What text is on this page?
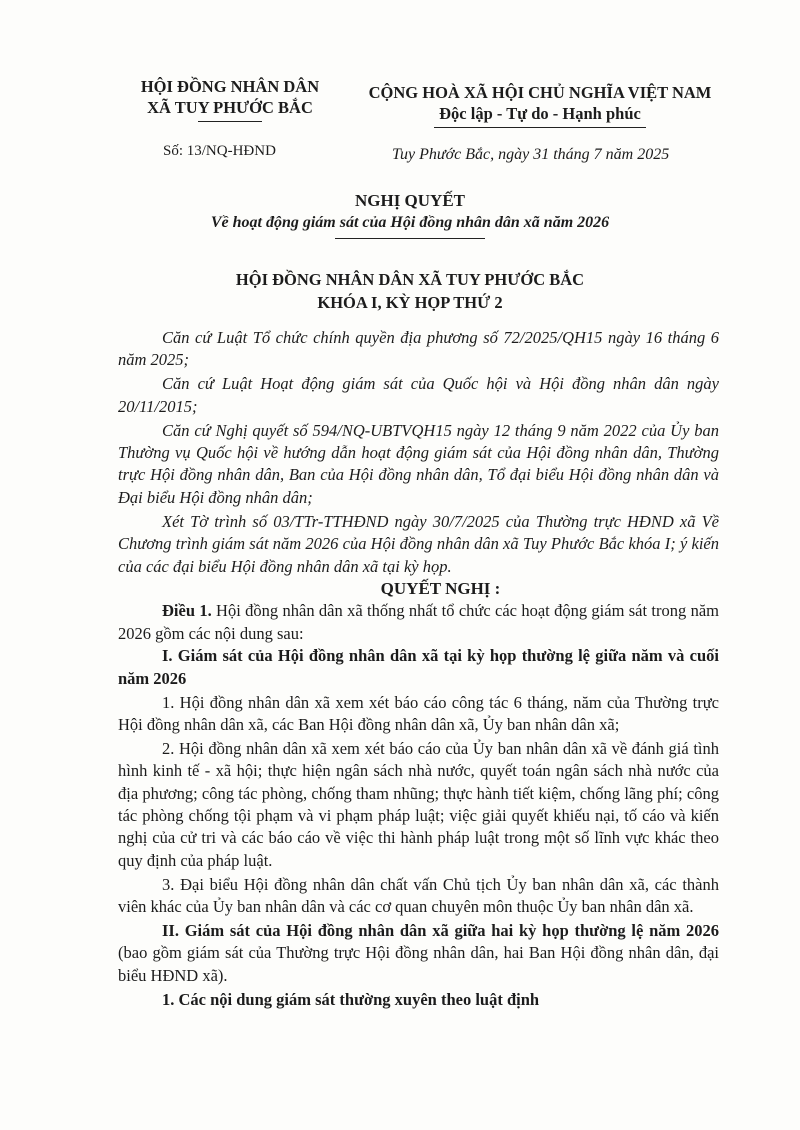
HỘI ĐỒNG NHÂN DÂN
XÃ TUY PHƯỚC BẮC
Số: 13/NQ-HĐND
CỘNG HOÀ XÃ HỘI CHỦ NGHĨA VIỆT NAM
Độc lập - Tự do - Hạnh phúc
Tuy Phước Bắc, ngày 31 tháng 7 năm 2025
NGHỊ QUYẾT
Về hoạt động giám sát của Hội đồng nhân dân xã năm 2026
HỘI ĐỒNG NHÂN DÂN XÃ TUY PHƯỚC BẮC
KHÓA I, KỲ HỌP THỨ 2

Căn cứ Luật Tổ chức chính quyền địa phương số 72/2025/QH15 ngày 16 tháng 6 năm 2025;

Căn cứ Luật Hoạt động giám sát của Quốc hội và Hội đồng nhân dân ngày 20/11/2015;

Căn cứ Nghị quyết số 594/NQ-UBTVQH15 ngày 12 tháng 9 năm 2022 của Ủy ban Thường vụ Quốc hội về hướng dẫn hoạt động giám sát của Hội đồng nhân dân, Thường trực Hội đồng nhân dân, Ban của Hội đồng nhân dân, Tổ đại biểu Hội đồng nhân dân và Đại biểu Hội đồng nhân dân;

Xét Tờ trình số 03/TTr-TTHĐND ngày 30/7/2025 của Thường trực HĐND xã Về Chương trình giám sát năm 2026 của Hội đồng nhân dân xã Tuy Phước Bắc khóa I; ý kiến của các đại biểu Hội đồng nhân dân xã tại kỳ họp.

QUYẾT NGHỊ :

Điều 1. Hội đồng nhân dân xã thống nhất tổ chức các hoạt động giám sát trong năm 2026 gồm các nội dung sau:

I. Giám sát của Hội đồng nhân dân xã tại kỳ họp thường lệ giữa năm và cuối năm 2026

1. Hội đồng nhân dân xã xem xét báo cáo công tác 6 tháng, năm của Thường trực Hội đồng nhân dân xã, các Ban Hội đồng nhân dân xã, Ủy ban nhân dân xã;

2. Hội đồng nhân dân xã xem xét báo cáo của Ủy ban nhân dân xã về đánh giá tình hình kinh tế - xã hội; thực hiện ngân sách nhà nước, quyết toán ngân sách nhà nước của địa phương; công tác phòng, chống tham nhũng; thực hành tiết kiệm, chống lãng phí; công tác phòng chống tội phạm và vi phạm pháp luật; việc giải quyết khiếu nại, tố cáo và kiến nghị của cử tri và các báo cáo về việc thi hành pháp luật trong một số lĩnh vực khác theo quy định của pháp luật.

3. Đại biểu Hội đồng nhân dân chất vấn Chủ tịch Ủy ban nhân dân xã, các thành viên khác của Ủy ban nhân dân và các cơ quan chuyên môn thuộc Ủy ban nhân dân xã.

II. Giám sát của Hội đồng nhân dân xã giữa hai kỳ họp thường lệ năm 2026 (bao gồm giám sát của Thường trực Hội đồng nhân dân, hai Ban Hội đồng nhân dân, đại biểu HĐND xã).

1. Các nội dung giám sát thường xuyên theo luật định
